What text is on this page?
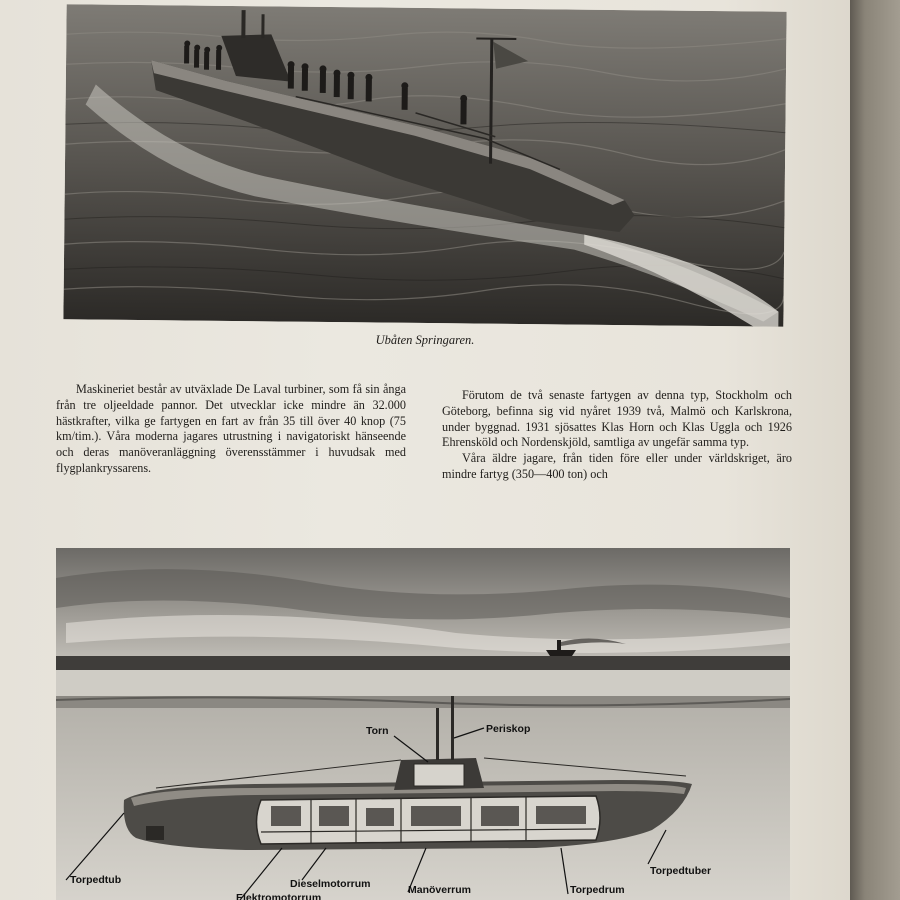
Ubåten Springaren.

Maskineriet består av utväxlade De Laval turbiner, som få sin ånga från tre oljeeldade pannor. Det utvecklar icke mindre än 32.000 hästkrafter, vilka ge fartygen en fart av från 35 till över 40 knop (75 km/tim.). Våra moderna jagares utrustning i navigatoriskt hänseende och deras manöveranläggning överensstämmer i huvudsak med flygplankryssarens.

Förutom de två senaste fartygen av denna typ, Stockholm och Göteborg, befinna sig vid nyåret 1939 två, Malmö och Karlskrona, under byggnad. 1931 sjösattes Klas Horn och Klas Uggla och 1926 Ehrensköld och Nordenskjöld, samtliga av ungefär samma typ.

Våra äldre jagare, från tiden före eller under världskriget, äro mindre fartyg (350—400 ton) och

Torn	Periskop
Torpedtub
Elektromotorrum
Dieselmotorrum	Manöverrum	Torpedrum
Torpedtuber
